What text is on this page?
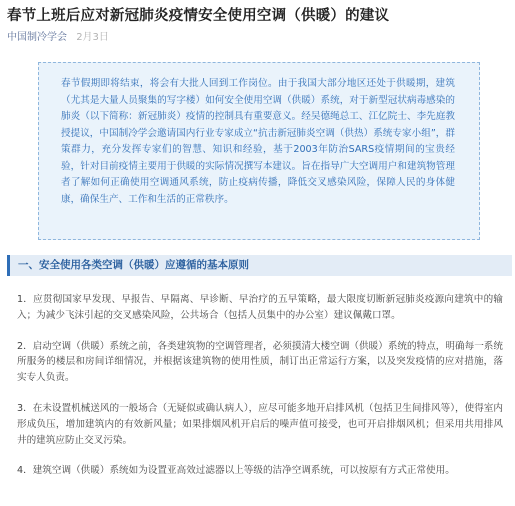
春节上班后应对新冠肺炎疫情安全使用空调（供暖）的建议
中国制冷学会 2月3日

春节假期即将结束，将会有大批人回到工作岗位。由于我国大部分地区还处于供暖期，建筑（尤其是大量人员聚集的写字楼）如何安全使用空调（供暖）系统，对于新型冠状病毒感染的肺炎（以下简称：新冠肺炎）疫情的控制具有重要意义。经吴德绳总工、江亿院士、李先庭教授提议，中国制冷学会邀请国内行业专家成立“抗击新冠肺炎空调（供热）系统专家小组”，群策群力，充分发挥专家们的智慧、知识和经验，基于2003年防治SARS疫情期间的宝贵经验，针对目前疫情主要用于供暖的实际情况撰写本建议。旨在指导广大空调用户和建筑物管理者了解如何正确使用空调通风系统，防止疫病传播，降低交叉感染风险，保障人民的身体健康，确保生产、工作和生活的正常秩序。

一、安全使用各类空调（供暖）应遵循的基本原则

1．应贯彻国家早发现、早报告、早隔离、早诊断、早治疗的五早策略，最大限度切断新冠肺炎疫源向建筑中的输入；为减少飞沫引起的交叉感染风险，公共场合（包括人员集中的办公室）建议佩戴口罩。

2．启动空调（供暖）系统之前，各类建筑物的空调管理者，必须摸清大楼空调（供暖）系统的特点，明确每一系统所服务的楼层和房间详细情况，并根据该建筑物的使用性质，制订出正常运行方案，以及突发疫情的应对措施，落实专人负责。

3．在未设置机械送风的一般场合（无疑似或确认病人），应尽可能多地开启排风机（包括卫生间排风等），使得室内形成负压，增加建筑内的有效新风量；如果排烟风机开启后的噪声值可接受，也可开启排烟风机；但采用共用排风井的建筑应防止交叉污染。

4．建筑空调（供暖）系统如为设置亚高效过滤器以上等级的洁净空调系统，可以按原有方式正常使用。
